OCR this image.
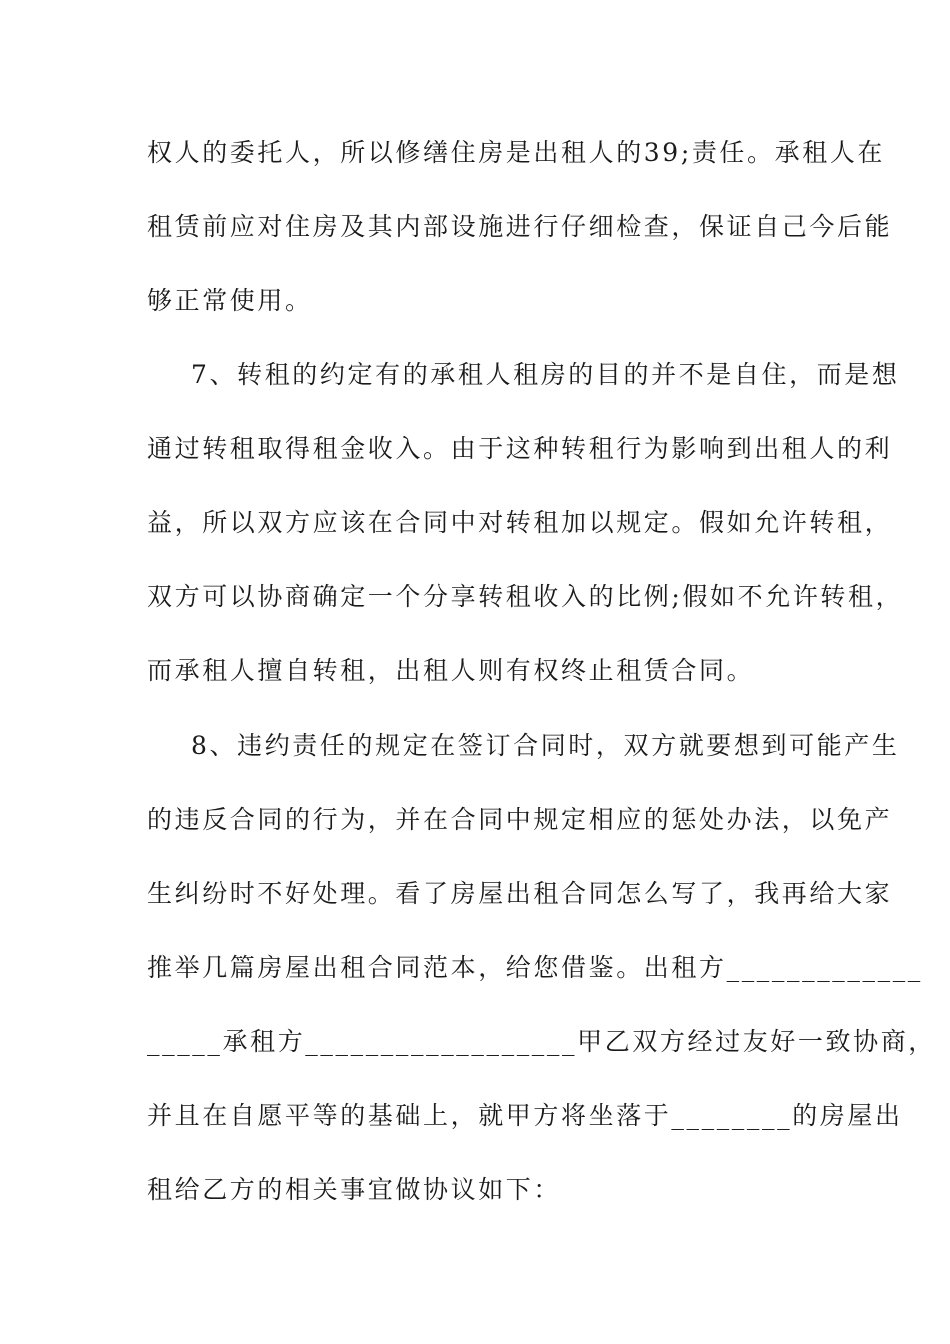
权人的委托人，所以修缮住房是出租人的39;责任。承租人在
租赁前应对住房及其内部设施进行仔细检查，保证自己今后能
够正常使用。
7、转租的约定有的承租人租房的目的并不是自住，而是想
通过转租取得租金收入。由于这种转租行为影响到出租人的利
益，所以双方应该在合同中对转租加以规定。假如允许转租，
双方可以协商确定一个分享转租收入的比例;假如不允许转租，
而承租人擅自转租，出租人则有权终止租赁合同。
8、违约责任的规定在签订合同时，双方就要想到可能产生
的违反合同的行为，并在合同中规定相应的惩处办法，以免产
生纠纷时不好处理。看了房屋出租合同怎么写了，我再给大家
推举几篇房屋出租合同范本，给您借鉴。出租方_____________
_____承租方__________________甲乙双方经过友好一致协商，
并且在自愿平等的基础上，就甲方将坐落于________的房屋出
租给乙方的相关事宜做协议如下：
